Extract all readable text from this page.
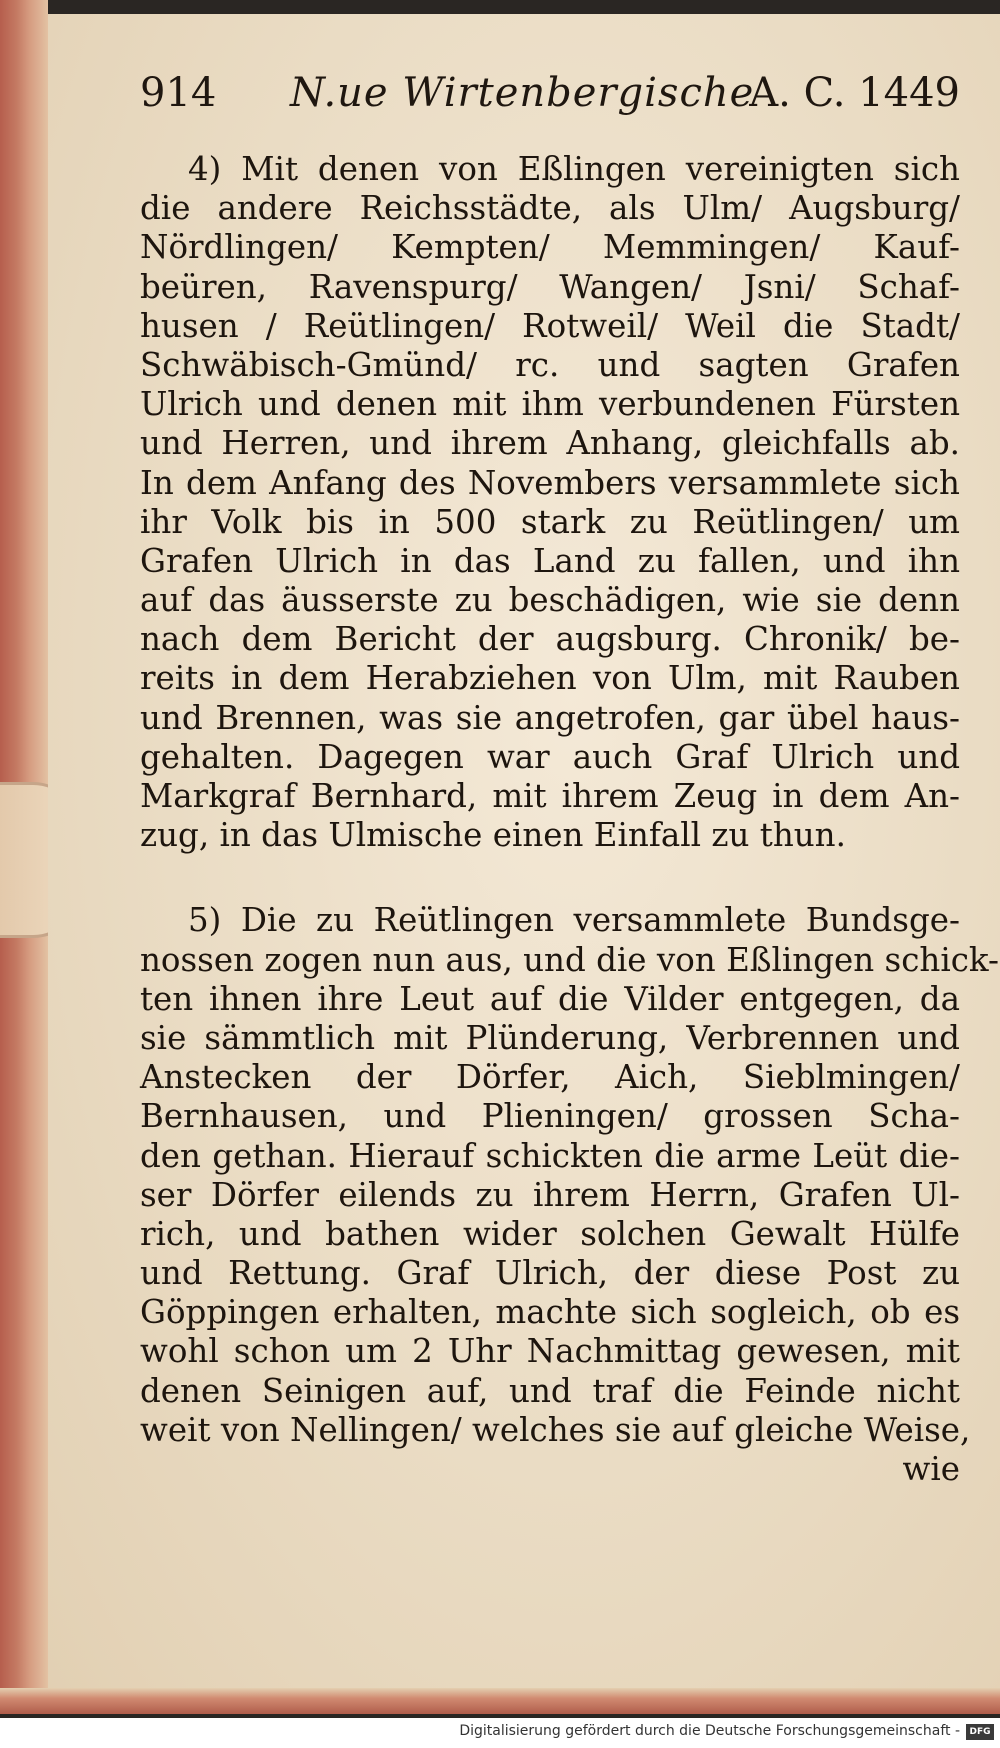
914 N.ue Wirtenbergische
A. C. 1449
4) Mit denen von Eßlingen vereinigten sich
die andere Reichsstädte, als Ulm/ Augsburg/
Nördlingen/ Kempten/ Memmingen/ Kauf-
beüren, Ravenspurg/ Wangen/ Jsni/ Schaf-
husen / Reütlingen/ Rotweil/ Weil die Stadt/
Schwäbisch-Gmünd/ rc. und sagten Grafen
Ulrich und denen mit ihm verbundenen Fürsten
und Herren, und ihrem Anhang, gleichfalls ab.
In dem Anfang des Novembers versammlete sich
ihr Volk bis in 500 stark zu Reütlingen/ um
Grafen Ulrich in das Land zu fallen, und ihn
auf das äusserste zu beschädigen, wie sie denn
nach dem Bericht der augsburg. Chronik/ be-
reits in dem Herabziehen von Ulm, mit Rauben
und Brennen, was sie angetrofen, gar übel haus-
gehalten. Dagegen war auch Graf Ulrich und
Markgraf Bernhard, mit ihrem Zeug in dem An-
zug, in das Ulmische einen Einfall zu thun.
5) Die zu Reütlingen versammlete Bundsge-
nossen zogen nun aus, und die von Eßlingen schick-
ten ihnen ihre Leut auf die Vilder entgegen, da
sie sämmtlich mit Plünderung, Verbrennen und
Anstecken der Dörfer, Aich, Sieblmingen/
Bernhausen, und Plieningen/ grossen Scha-
den gethan. Hierauf schickten die arme Leüt die-
ser Dörfer eilends zu ihrem Herrn, Grafen Ul-
rich, und bathen wider solchen Gewalt Hülfe
und Rettung. Graf Ulrich, der diese Post zu
Göppingen erhalten, machte sich sogleich, ob es
wohl schon um 2 Uhr Nachmittag gewesen, mit
denen Seinigen auf, und traf die Feinde nicht
weit von Nellingen/ welches sie auf gleiche Weise,
wie
Digitalisierung gefördert durch die Deutsche Forschungsgemeinschaft -	DFG
